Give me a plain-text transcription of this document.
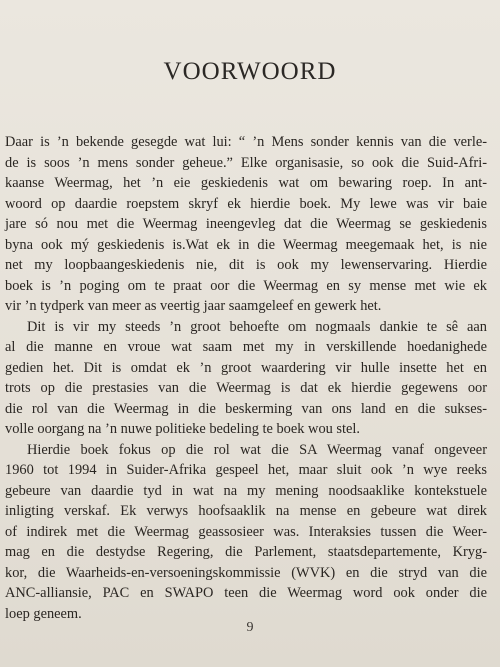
VOORWOORD

Daar is ’n bekende gesegde wat lui: “ ’n Mens sonder kennis van die verle-
de is soos ’n mens sonder geheue.” Elke organisasie, so ook die Suid-Afri-
kaanse Weermag, het ’n eie geskiedenis wat om bewaring roep. In ant-
woord op daardie roepstem skryf ek hierdie boek. My lewe was vir baie
jare só nou met die Weermag ineengevleg dat die Weermag se geskiedenis
byna ook mý geskiedenis is.Wat ek in die Weermag meegemaak het, is nie
net my loopbaangeskiedenis nie, dit is ook my lewenservaring. Hierdie
boek is ’n poging om te praat oor die Weermag en sy mense met wie ek
vir ’n tydperk van meer as veertig jaar saamgeleef en gewerk het.

Dit is vir my steeds ’n groot behoefte om nogmaals dankie te sê aan
al die manne en vroue wat saam met my in verskillende hoedanighede
gedien het. Dit is omdat ek ’n groot waardering vir hulle insette het en
trots op die prestasies van die Weermag is dat ek hierdie gegewens oor
die rol van die Weermag in die beskerming van ons land en die sukses-
volle oorgang na ’n nuwe politieke bedeling te boek wou stel.

Hierdie boek fokus op die rol wat die SA Weermag vanaf ongeveer
1960 tot 1994 in Suider-Afrika gespeel het, maar sluit ook ’n wye reeks
gebeure van daardie tyd in wat na my mening noodsaaklike kontekstuele
inligting verskaf. Ek verwys hoofsaaklik na mense en gebeure wat direk
of indirek met die Weermag geassosieer was. Interaksies tussen die Weer-
mag en die destydse Regering, die Parlement, staatsdepartemente, Kryg-
kor, die Waarheids-en-versoeningskommissie (WVK) en die stryd van die
ANC-alliansie, PAC en SWAPO teen die Weermag word ook onder die
loep geneem.

9
